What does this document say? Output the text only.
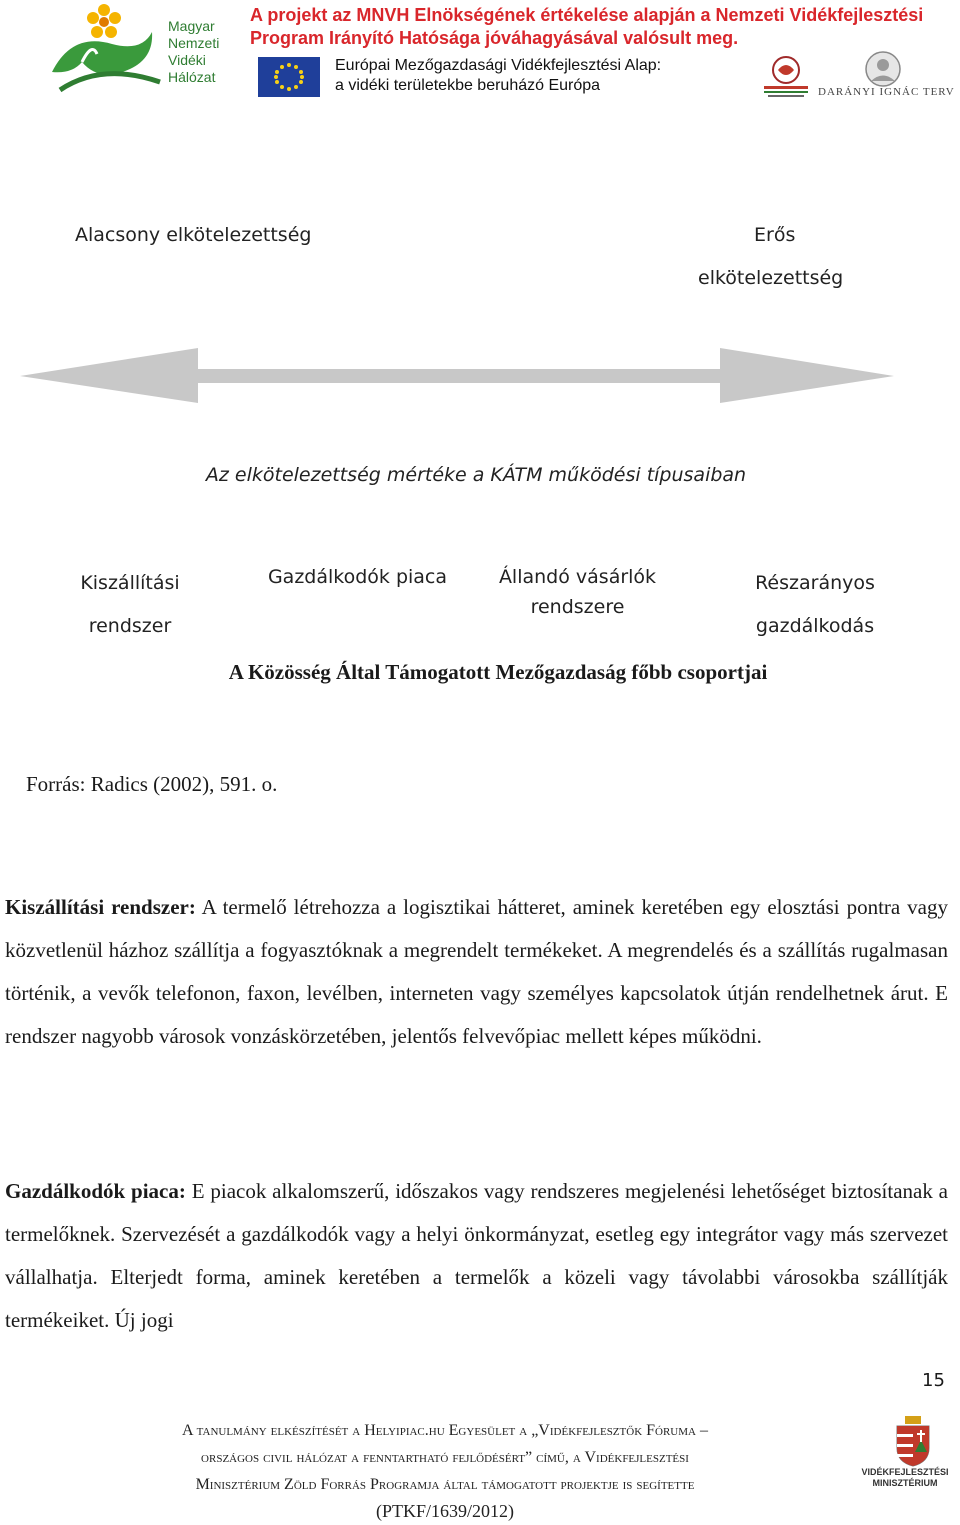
Magyar
Nemzeti
Vidéki
Hálózat
A projekt az MNVH Elnökségének értékelése alapján a Nemzeti Vidékfejlesztési
Program Irányító Hatósága jóváhagyásával valósult meg.
Európai Mezőgazdasági Vidékfejlesztési Alap:
a vidéki területekbe beruházó Európa	DARÁNYI IGNÁC TERV
Alacsony elkötelezettség	Erős
elkötelezettség
Az elkötelezettség mértéke a KÁTM működési típusaiban
Kiszállítási
rendszer
Gazdálkodók piaca	Állandó vásárlók
rendszere
Részarányos
gazdálkodás
A Közösség Által Támogatott Mezőgazdaság főbb csoportjai
Forrás: Radics (2002), 591. o.
Kiszállítási rendszer: A termelő létrehozza a logisztikai hátteret, aminek keretében egy elosztási pontra vagy közvetlenül házhoz szállítja a fogyasztóknak a megrendelt termékeket. A megrendelés és a szállítás rugalmasan történik, a vevők telefonon, faxon, levélben, interneten vagy személyes kapcsolatok útján rendelhetnek árut. E rendszer nagyobb városok vonzáskörzetében, jelentős felvevőpiac mellett képes működni.
Gazdálkodók piaca: E piacok alkalomszerű, időszakos vagy rendszeres megjelenési lehetőséget biztosítanak a termelőknek. Szervezését a gazdálkodók vagy a helyi önkormányzat, esetleg egy integrátor vagy más szervezet vállalhatja. Elterjedt forma, aminek keretében a termelők a közeli vagy távolabbi városokba szállítják termékeiket. Új jogi
15
A tanulmány elkészítését a Helyipiac.hu Egyesület a „Vidékfejlesztők Fóruma –
országos civil hálózat a fenntartható fejlődésért” című, a Vidékfejlesztési
Minisztérium Zöld Forrás Programja által támogatott projektje is segítette
(PTKF/1639/2012)
VIDÉKFEJLESZTÉSI
MINISZTÉRIUM
